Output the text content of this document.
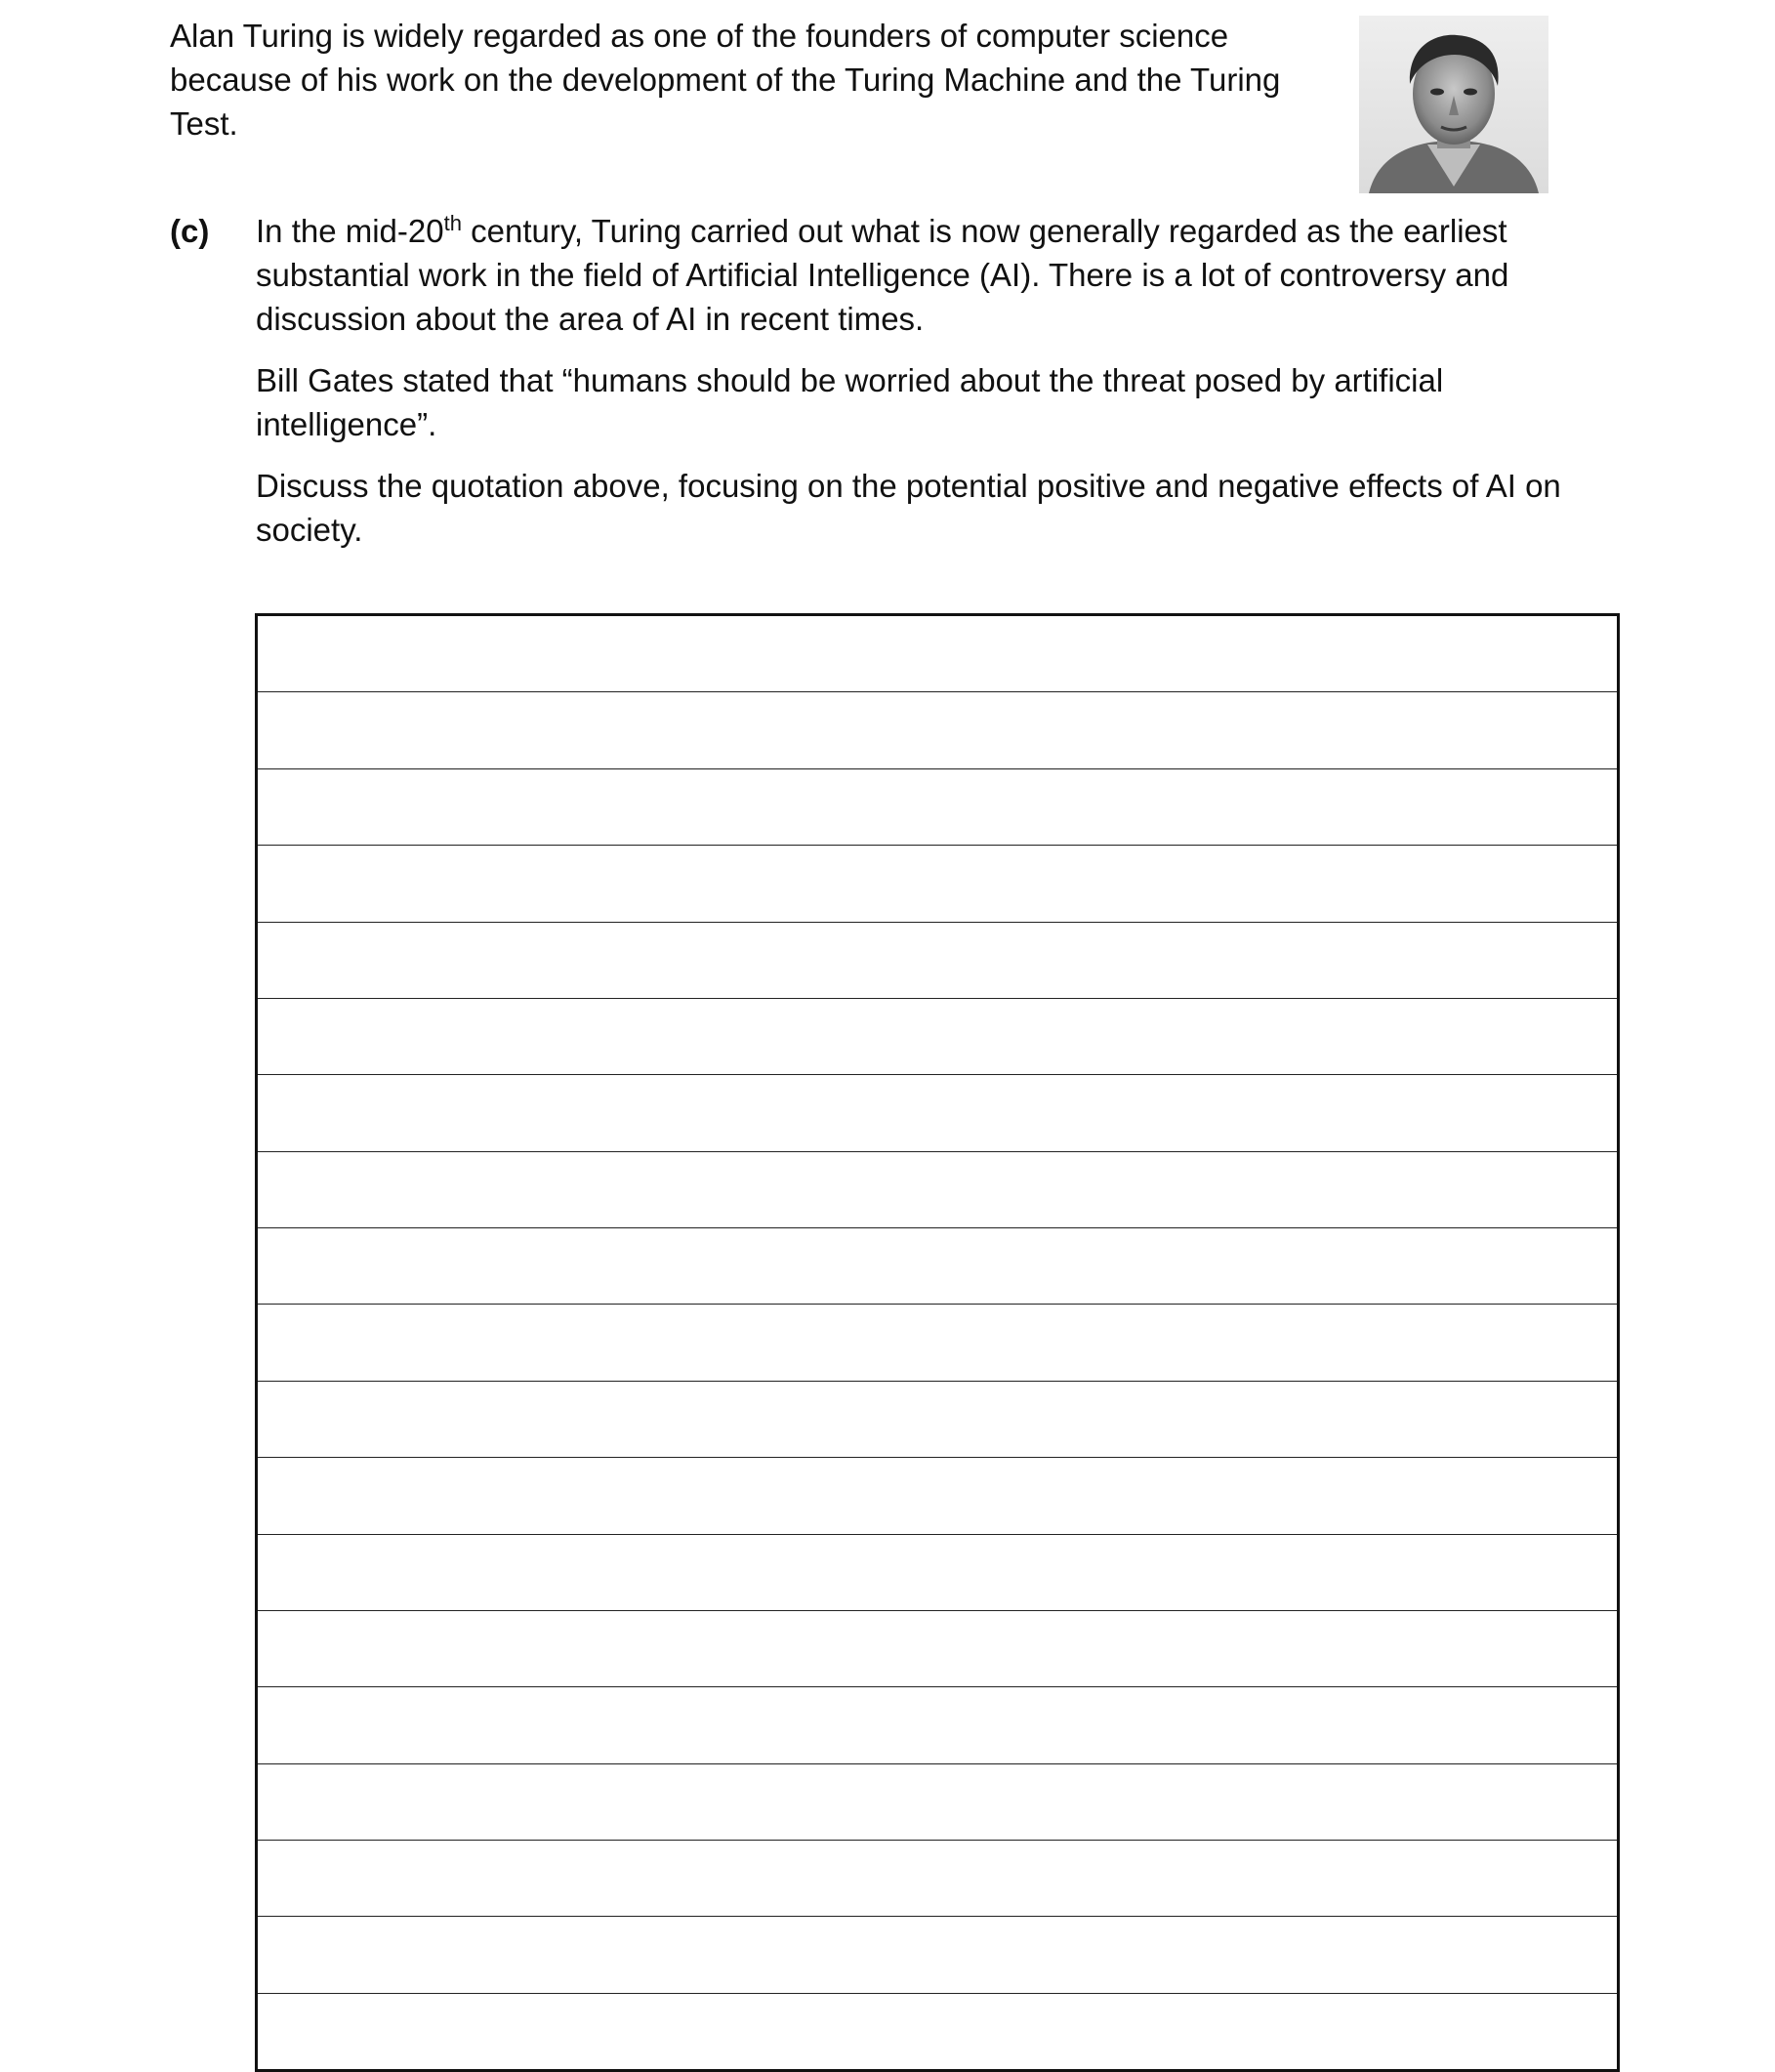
Alan Turing is widely regarded as one of the founders of computer science because of his work on the development of the Turing Machine and the Turing Test.

(c) In the mid-20th century, Turing carried out what is now generally regarded as the earliest substantial work in the field of Artificial Intelligence (AI). There is a lot of controversy and discussion about the area of AI in recent times.

Bill Gates stated that “humans should be worried about the threat posed by artificial intelligence”.

Discuss the quotation above, focusing on the potential positive and negative effects of AI on society.
